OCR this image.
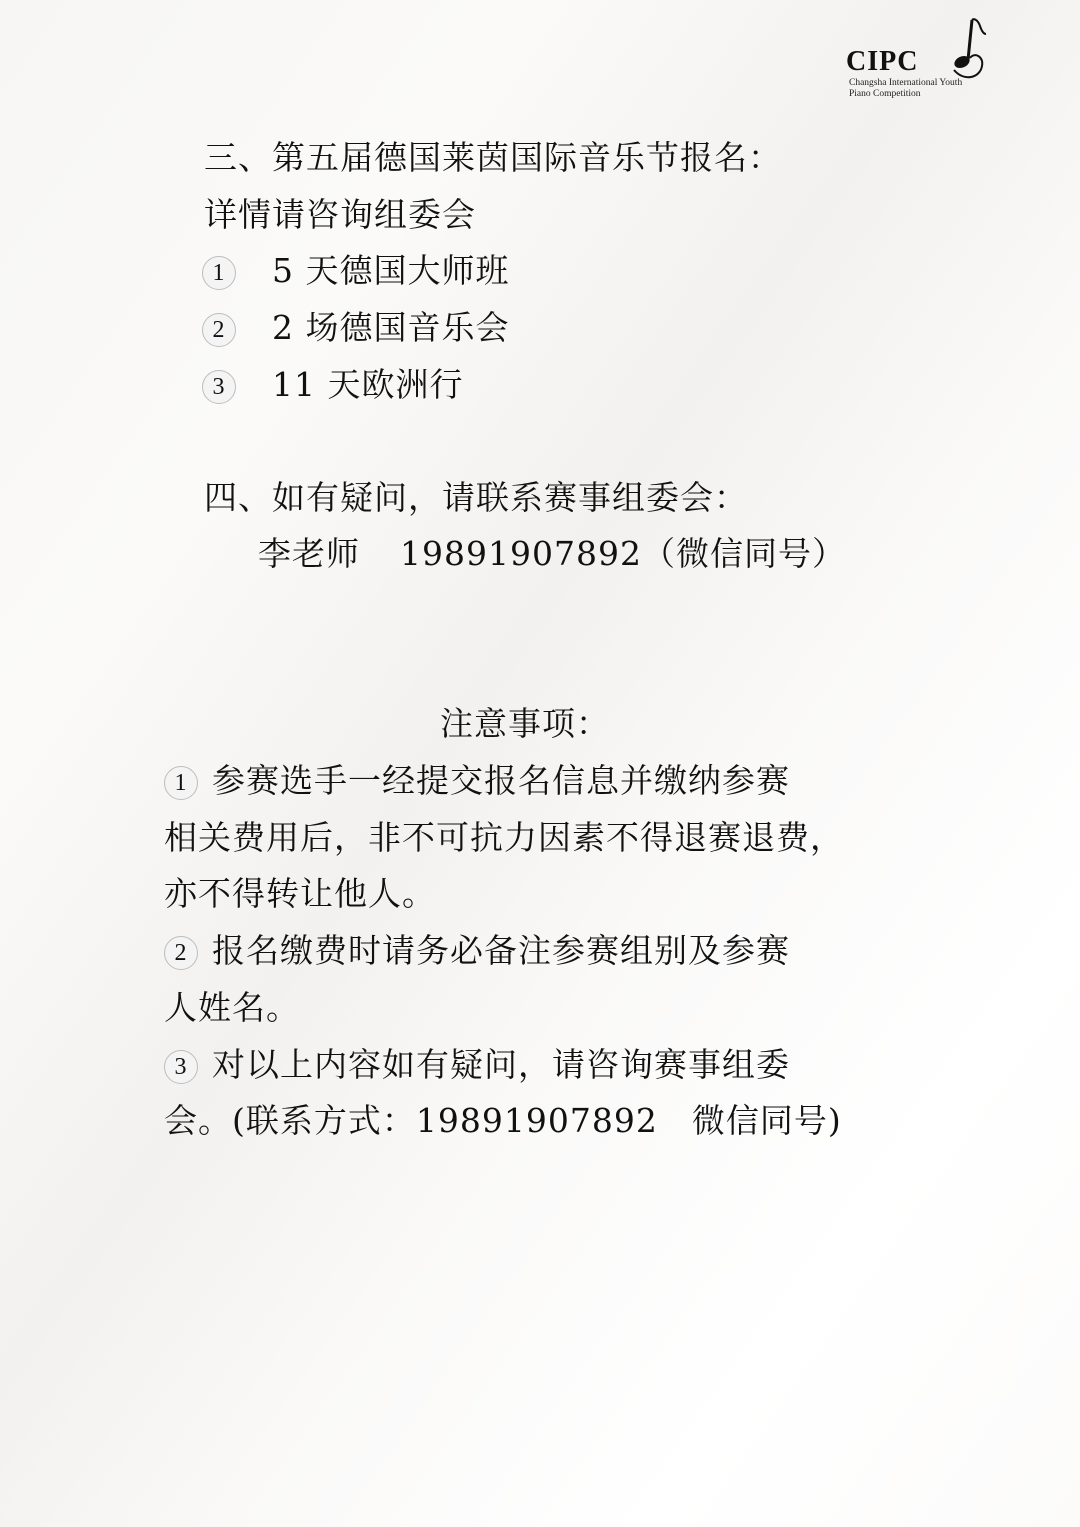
CIPC
Changsha International Youth
Piano Competition
三、第五届德国莱茵国际音乐节报名：
详情请咨询组委会
1 5 天德国大师班
2 2 场德国音乐会
3 11 天欧洲行
四、如有疑问，请联系赛事组委会：
李老师 19891907892（微信同号）
注意事项：
1 参赛选手一经提交报名信息并缴纳参赛
相关费用后，非不可抗力因素不得退赛退费，
亦不得转让他人。
2 报名缴费时请务必备注参赛组别及参赛
人姓名。
3 对以上内容如有疑问，请咨询赛事组委
会。(联系方式：19891907892　微信同号)
